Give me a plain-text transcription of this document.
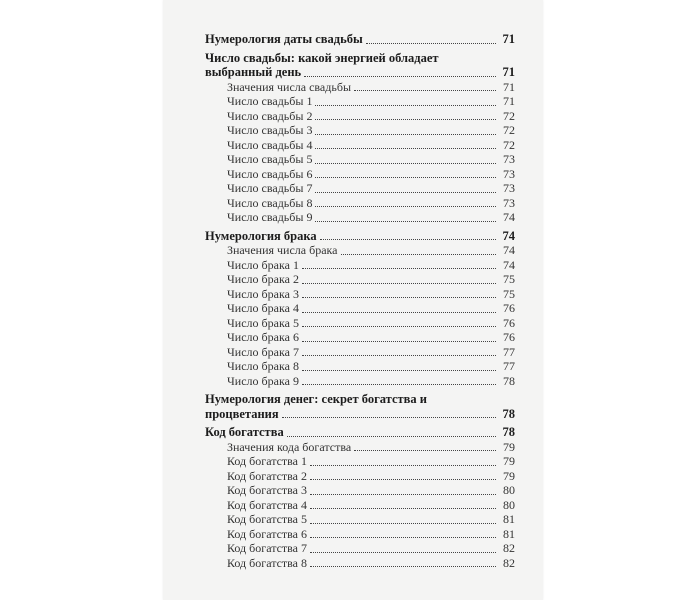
Нумерология даты свадьбы	71
Число свадьбы: какой энергией обладает
выбранный день	71
Значения числа свадьбы	71
Число свадьбы 1	71
Число свадьбы 2	72
Число свадьбы 3	72
Число свадьбы 4	72
Число свадьбы 5	73
Число свадьбы 6	73
Число свадьбы 7	73
Число свадьбы 8	73
Число свадьбы 9	74
Нумерология брака	74
Значения числа брака	74
Число брака 1	74
Число брака 2	75
Число брака 3	75
Число брака 4	76
Число брака 5	76
Число брака 6	76
Число брака 7	77
Число брака 8	77
Число брака 9	78
Нумерология денег: секрет богатства и
процветания	78
Код богатства	78
Значения кода богатства	79
Код богатства 1	79
Код богатства 2	79
Код богатства 3	80
Код богатства 4	80
Код богатства 5	81
Код богатства 6	81
Код богатства 7	82
Код богатства 8	82
